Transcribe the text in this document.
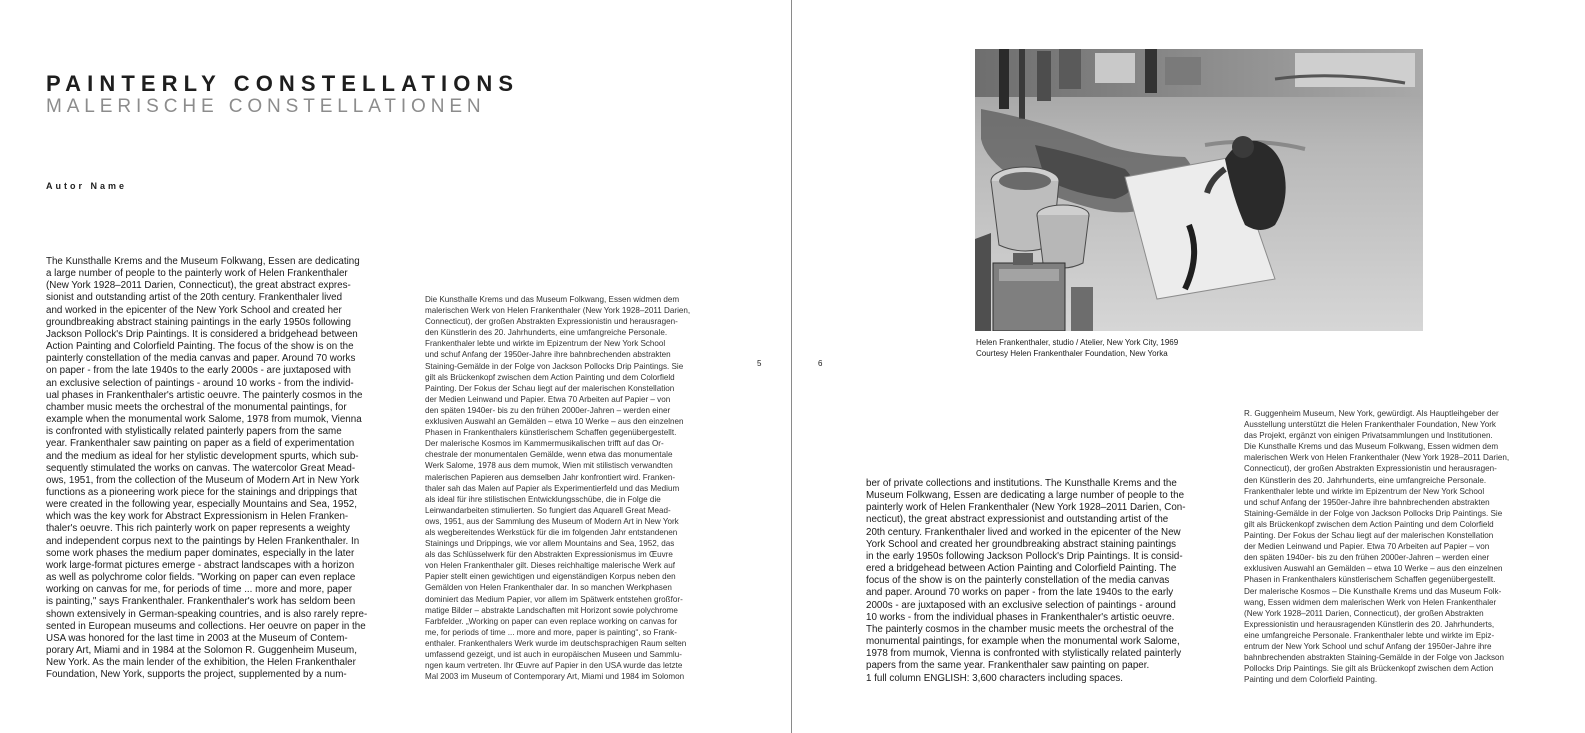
PAINTERLY CONSTELLATIONS
MALERISCHE CONSTELLATIONEN
Autor Name

The Kunsthalle Krems and the Museum Folkwang, Essen are dedicating
a large number of people to the painterly work of Helen Frankenthaler
(New York 1928–2011 Darien, Connecticut), the great abstract expres-
sionist and outstanding artist of the 20th century. Frankenthaler lived
and worked in the epicenter of the New York School and created her
groundbreaking abstract staining paintings in the early 1950s following
Jackson Pollock's Drip Paintings. It is considered a bridgehead between
Action Painting and Colorfield Painting. The focus of the show is on the
painterly constellation of the media canvas and paper. Around 70 works
on paper - from the late 1940s to the early 2000s - are juxtaposed with
an exclusive selection of paintings - around 10 works - from the individ-
ual phases in Frankenthaler's artistic oeuvre. The painterly cosmos in the
chamber music meets the orchestral of the monumental paintings, for
example when the monumental work Salome, 1978 from mumok, Vienna
is confronted with stylistically related painterly papers from the same
year. Frankenthaler saw painting on paper as a field of experimentation
and the medium as ideal for her stylistic development spurts, which sub-
sequently stimulated the works on canvas. The watercolor Great Mead-
ows, 1951, from the collection of the Museum of Modern Art in New York
functions as a pioneering work piece for the stainings and drippings that
were created in the following year, especially Mountains and Sea, 1952,
which was the key work for Abstract Expressionism in Helen Franken-
thaler's oeuvre. This rich painterly work on paper represents a weighty
and independent corpus next to the paintings by Helen Frankenthaler. In
some work phases the medium paper dominates, especially in the later
work large-format pictures emerge - abstract landscapes with a horizon
as well as polychrome color fields. "Working on paper can even replace
working on canvas for me, for periods of time ... more and more, paper
is painting," says Frankenthaler. Frankenthaler's work has seldom been
shown extensively in German-speaking countries, and is also rarely repre-
sented in European museums and collections. Her oeuvre on paper in the
USA was honored for the last time in 2003 at the Museum of Contem-
porary Art, Miami and in 1984 at the Solomon R. Guggenheim Museum,
New York. As the main lender of the exhibition, the Helen Frankenthaler
Foundation, New York, supports the project, supplemented by a num-

Die Kunsthalle Krems und das Museum Folkwang, Essen widmen dem
malerischen Werk von Helen Frankenthaler (New York 1928–2011 Darien,
Connecticut), der großen Abstrakten Expressionistin und herausragen-
den Künstlerin des 20. Jahrhunderts, eine umfangreiche Personale.
Frankenthaler lebte und wirkte im Epizentrum der New York School
und schuf Anfang der 1950er-Jahre ihre bahnbrechenden abstrakten
Staining-Gemälde in der Folge von Jackson Pollocks Drip Paintings. Sie
gilt als Brückenkopf zwischen dem Action Painting und dem Colorfield
Painting. Der Fokus der Schau liegt auf der malerischen Konstellation
der Medien Leinwand und Papier. Etwa 70 Arbeiten auf Papier – von
den späten 1940er- bis zu den frühen 2000er-Jahren – werden einer
exklusiven Auswahl an Gemälden – etwa 10 Werke – aus den einzelnen
Phasen in Frankenthalers künstlerischem Schaffen gegenübergestellt.
Der malerische Kosmos im Kammermusikalischen trifft auf das Or-
chestrale der monumentalen Gemälde, wenn etwa das monumentale
Werk Salome, 1978 aus dem mumok, Wien mit stilistisch verwandten
malerischen Papieren aus demselben Jahr konfrontiert wird. Franken-
thaler sah das Malen auf Papier als Experimentierfeld und das Medium
als ideal für ihre stilistischen Entwicklungsschübe, die in Folge die
Leinwandarbeiten stimulierten. So fungiert das Aquarell Great Mead-
ows, 1951, aus der Sammlung des Museum of Modern Art in New York
als wegbereitendes Werkstück für die im folgenden Jahr entstandenen
Stainings und Drippings, wie vor allem Mountains and Sea, 1952, das
als das Schlüsselwerk für den Abstrakten Expressionismus im Œuvre
von Helen Frankenthaler gilt. Dieses reichhaltige malerische Werk auf
Papier stellt einen gewichtigen und eigenständigen Korpus neben den
Gemälden von Helen Frankenthaler dar. In so manchen Werkphasen
dominiert das Medium Papier, vor allem im Spätwerk entstehen großfor-
matige Bilder – abstrakte Landschaften mit Horizont sowie polychrome
Farbfelder. „Working on paper can even replace working on canvas for
me, for periods of time ... more and more, paper is painting“, so Frank-
enthaler. Frankenthalers Werk wurde im deutschsprachigen Raum selten
umfassend gezeigt, und ist auch in europäischen Museen und Sammlu-
ngen kaum vertreten. Ihr Œuvre auf Papier in den USA wurde das letzte
Mal 2003 im Museum of Contemporary Art, Miami und 1984 im Solomon

5	6
Helen Frankenthaler, studio / Atelier, New York City, 1969
Courtesy Helen Frankenthaler Foundation, New Yorka

ber of private collections and institutions. The Kunsthalle Krems and the
Museum Folkwang, Essen are dedicating a large number of people to the
painterly work of Helen Frankenthaler (New York 1928–2011 Darien, Con-
necticut), the great abstract expressionist and outstanding artist of the
20th century. Frankenthaler lived and worked in the epicenter of the New
York School and created her groundbreaking abstract staining paintings
in the early 1950s following Jackson Pollock's Drip Paintings. It is consid-
ered a bridgehead between Action Painting and Colorfield Painting. The
focus of the show is on the painterly constellation of the media canvas
and paper. Around 70 works on paper - from the late 1940s to the early
2000s - are juxtaposed with an exclusive selection of paintings - around
10 works - from the individual phases in Frankenthaler's artistic oeuvre.
The painterly cosmos in the chamber music meets the orchestral of the
monumental paintings, for example when the monumental work Salome,
1978 from mumok, Vienna is confronted with stylistically related painterly
papers from the same year. Frankenthaler saw painting on paper.
1 full column ENGLISH: 3,600 characters including spaces.

R. Guggenheim Museum, New York, gewürdigt. Als Hauptleihgeber der
Ausstellung unterstützt die Helen Frankenthaler Foundation, New York
das Projekt, ergänzt von einigen Privatsammlungen und Institutionen.
Die Kunsthalle Krems und das Museum Folkwang, Essen widmen dem
malerischen Werk von Helen Frankenthaler (New York 1928–2011 Darien,
Connecticut), der großen Abstrakten Expressionistin und herausragen-
den Künstlerin des 20. Jahrhunderts, eine umfangreiche Personale.
Frankenthaler lebte und wirkte im Epizentrum der New York School
und schuf Anfang der 1950er-Jahre ihre bahnbrechenden abstrakten
Staining-Gemälde in der Folge von Jackson Pollocks Drip Paintings. Sie
gilt als Brückenkopf zwischen dem Action Painting und dem Colorfield
Painting. Der Fokus der Schau liegt auf der malerischen Konstellation
der Medien Leinwand und Papier. Etwa 70 Arbeiten auf Papier – von
den späten 1940er- bis zu den frühen 2000er-Jahren – werden einer
exklusiven Auswahl an Gemälden – etwa 10 Werke – aus den einzelnen
Phasen in Frankenthalers künstlerischem Schaffen gegenübergestellt.
Der malerische Kosmos – Die Kunsthalle Krems und das Museum Folk-
wang, Essen widmen dem malerischen Werk von Helen Frankenthaler
(New York 1928–2011 Darien, Connecticut), der großen Abstrakten
Expressionistin und herausragenden Künstlerin des 20. Jahrhunderts,
eine umfangreiche Personale. Frankenthaler lebte und wirkte im Epiz-
entrum der New York School und schuf Anfang der 1950er-Jahre ihre
bahnbrechenden abstrakten Staining-Gemälde in der Folge von Jackson
Pollocks Drip Paintings. Sie gilt als Brückenkopf zwischen dem Action
Painting und dem Colorfield Painting.
